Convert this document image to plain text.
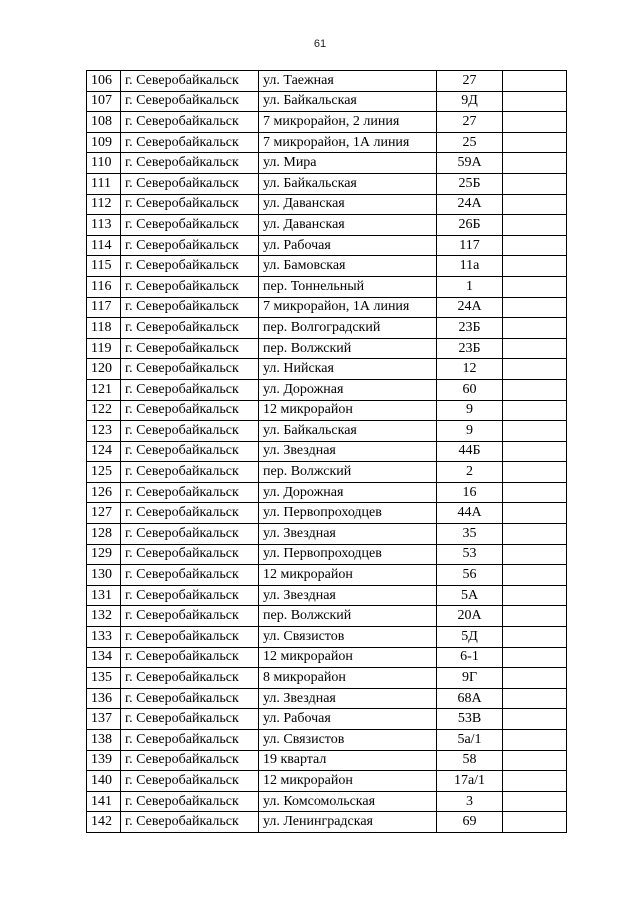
61
106	г. Северобайкальск	ул. Таежная	27	
107	г. Северобайкальск	ул. Байкальская	9Д	
108	г. Северобайкальск	7 микрорайон, 2 линия	27	
109	г. Северобайкальск	7 микрорайон, 1А линия	25	
110	г. Северобайкальск	ул. Мира	59А	
111	г. Северобайкальск	ул. Байкальская	25Б	
112	г. Северобайкальск	ул. Даванская	24А	
113	г. Северобайкальск	ул. Даванская	26Б	
114	г. Северобайкальск	ул. Рабочая	117	
115	г. Северобайкальск	ул. Бамовская	11а	
116	г. Северобайкальск	пер. Тоннельный	1	
117	г. Северобайкальск	7 микрорайон, 1А линия	24А	
118	г. Северобайкальск	пер. Волгоградский	23Б	
119	г. Северобайкальск	пер. Волжский	23Б	
120	г. Северобайкальск	ул. Нийская	12	
121	г. Северобайкальск	ул. Дорожная	60	
122	г. Северобайкальск	12 микрорайон	9	
123	г. Северобайкальск	ул. Байкальская	9	
124	г. Северобайкальск	ул. Звездная	44Б	
125	г. Северобайкальск	пер. Волжский	2	
126	г. Северобайкальск	ул. Дорожная	16	
127	г. Северобайкальск	ул. Первопроходцев	44А	
128	г. Северобайкальск	ул. Звездная	35	
129	г. Северобайкальск	ул. Первопроходцев	53	
130	г. Северобайкальск	12 микрорайон	56	
131	г. Северобайкальск	ул. Звездная	5А	
132	г. Северобайкальск	пер. Волжский	20А	
133	г. Северобайкальск	ул. Связистов	5Д	
134	г. Северобайкальск	12 микрорайон	6-1	
135	г. Северобайкальск	8 микрорайон	9Г	
136	г. Северобайкальск	ул. Звездная	68А	
137	г. Северобайкальск	ул. Рабочая	53В	
138	г. Северобайкальск	ул. Связистов	5а/1	
139	г. Северобайкальск	19 квартал	58	
140	г. Северобайкальск	12 микрорайон	17а/1	
141	г. Северобайкальск	ул. Комсомольская	3	
142	г. Северобайкальск	ул. Ленинградская	69	
